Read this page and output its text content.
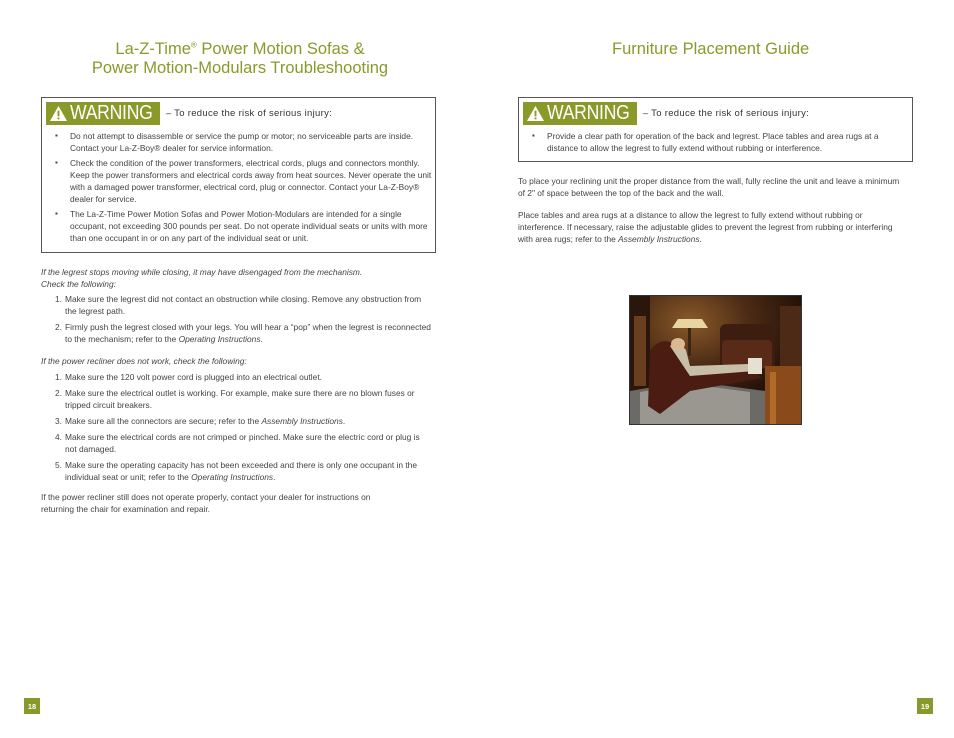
La-Z-Time® Power Motion Sofas &
Power Motion-Modulars Troubleshooting
WARNING – To reduce the risk of serious injury:
▪ Do not attempt to disassemble or service the pump or motor; no serviceable parts are inside. Contact your La-Z-Boy® dealer for service information.
▪ Check the condition of the power transformers, electrical cords, plugs and connectors monthly. Keep the power transformers and electrical cords away from heat sources. Never operate the unit with a damaged power transformer, electrical cord, plug or connector. Contact your La-Z-Boy® dealer for service.
▪ The La-Z-Time Power Motion Sofas and Power Motion-Modulars are intended for a single occupant, not exceeding 300 pounds per seat. Do not operate individual seats or units with more than one occupant in or on any part of the individual seat or unit.

If the legrest stops moving while closing, it may have disengaged from the mechanism.
Check the following:

1. Make sure the legrest did not contact an obstruction while closing. Remove any obstruction from the legrest path.
2. Firmly push the legrest closed with your legs. You will hear a “pop” when the legrest is reconnected to the mechanism; refer to the Operating Instructions.

If the power recliner does not work, check the following:

1. Make sure the 120 volt power cord is plugged into an electrical outlet.
2. Make sure the electrical outlet is working. For example, make sure there are no blown fuses or tripped circuit breakers.
3. Make sure all the connectors are secure; refer to the Assembly Instructions.
4. Make sure the electrical cords are not crimped or pinched. Make sure the electric cord or plug is not damaged.
5. Make sure the operating capacity has not been exceeded and there is only one occupant in the individual seat or unit; refer to the Operating Instructions.

If the power recliner still does not operate properly, contact your dealer for instructions on returning the chair for examination and repair.

18
Furniture Placement Guide
WARNING – To reduce the risk of serious injury:
▪ Provide a clear path for operation of the back and legrest. Place tables and area rugs at a distance to allow the legrest to fully extend without rubbing or interference.

To place your reclining unit the proper distance from the wall, fully recline the unit and leave a minimum of 2" of space between the top of the back and the wall.

Place tables and area rugs at a distance to allow the legrest to fully extend without rubbing or interference. If necessary, raise the adjustable glides to prevent the legrest from rubbing or interfering with area rugs; refer to the Assembly Instructions.

19
